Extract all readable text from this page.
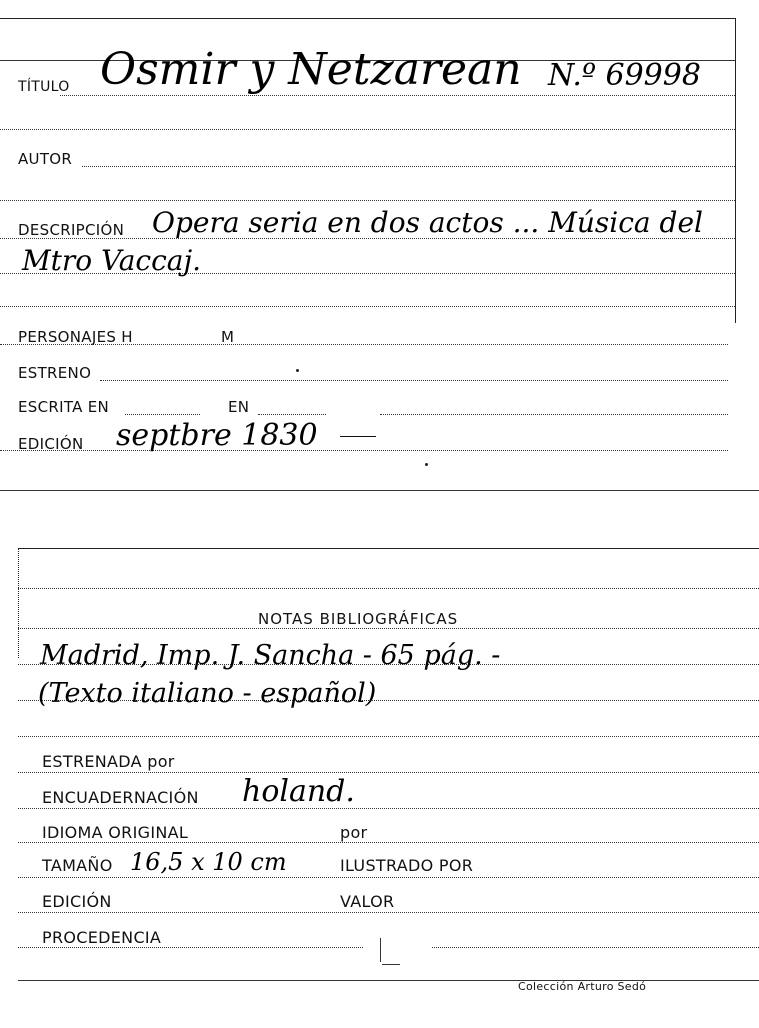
TÍTULO Osmir y Netzarean N.º 69998
AUTOR
DESCRIPCIÓN Opera seria en dos actos ... Música del
Mtro Vaccaj.
PERSONAJES H	M
ESTRENO
ESCRITA EN	EN
EDICIÓN septbre 1830
NOTAS BIBLIOGRÁFICAS
Madrid, Imp. J. Sancha - 65 pág. -
(Texto italiano - español)
ESTRENADA por
ENCUADERNACIÓN holand.
IDIOMA ORIGINAL	por
TAMAÑO 16,5 x 10 cm	ILUSTRADO POR
EDICIÓN	VALOR
PROCEDENCIA
Colección Arturo Sedó
